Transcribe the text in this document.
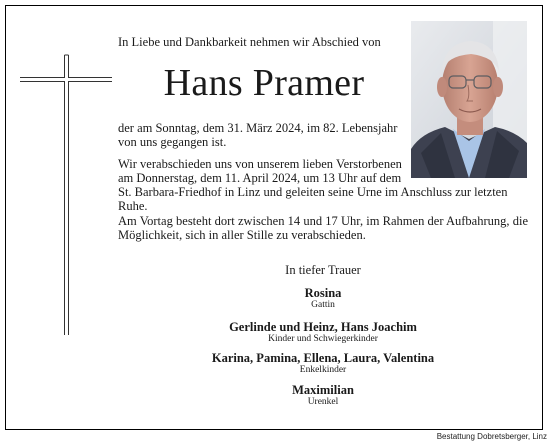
In Liebe und Dankbarkeit nehmen wir Abschied von
Hans Pramer
der am Sonntag, dem 31. März 2024, im 82. Lebensjahr
von uns gegangen ist.
Wir verabschieden uns von unserem lieben Verstorbenen
am Donnerstag, dem 11. April 2024, um 13 Uhr auf dem
St. Barbara-Friedhof in Linz und geleiten seine Urne im Anschluss zur letzten Ruhe.
Am Vortag besteht dort zwischen 14 und 17 Uhr, im Rahmen der Aufbahrung, die Möglichkeit, sich in aller Stille zu verabschieden.
In tiefer Trauer
Rosina
Gattin
Gerlinde und Heinz, Hans Joachim
Kinder und Schwiegerkinder
Karina, Pamina, Ellena, Laura, Valentina
Enkelkinder
Maximilian
Urenkel
Bestattung Dobretsberger, Linz
